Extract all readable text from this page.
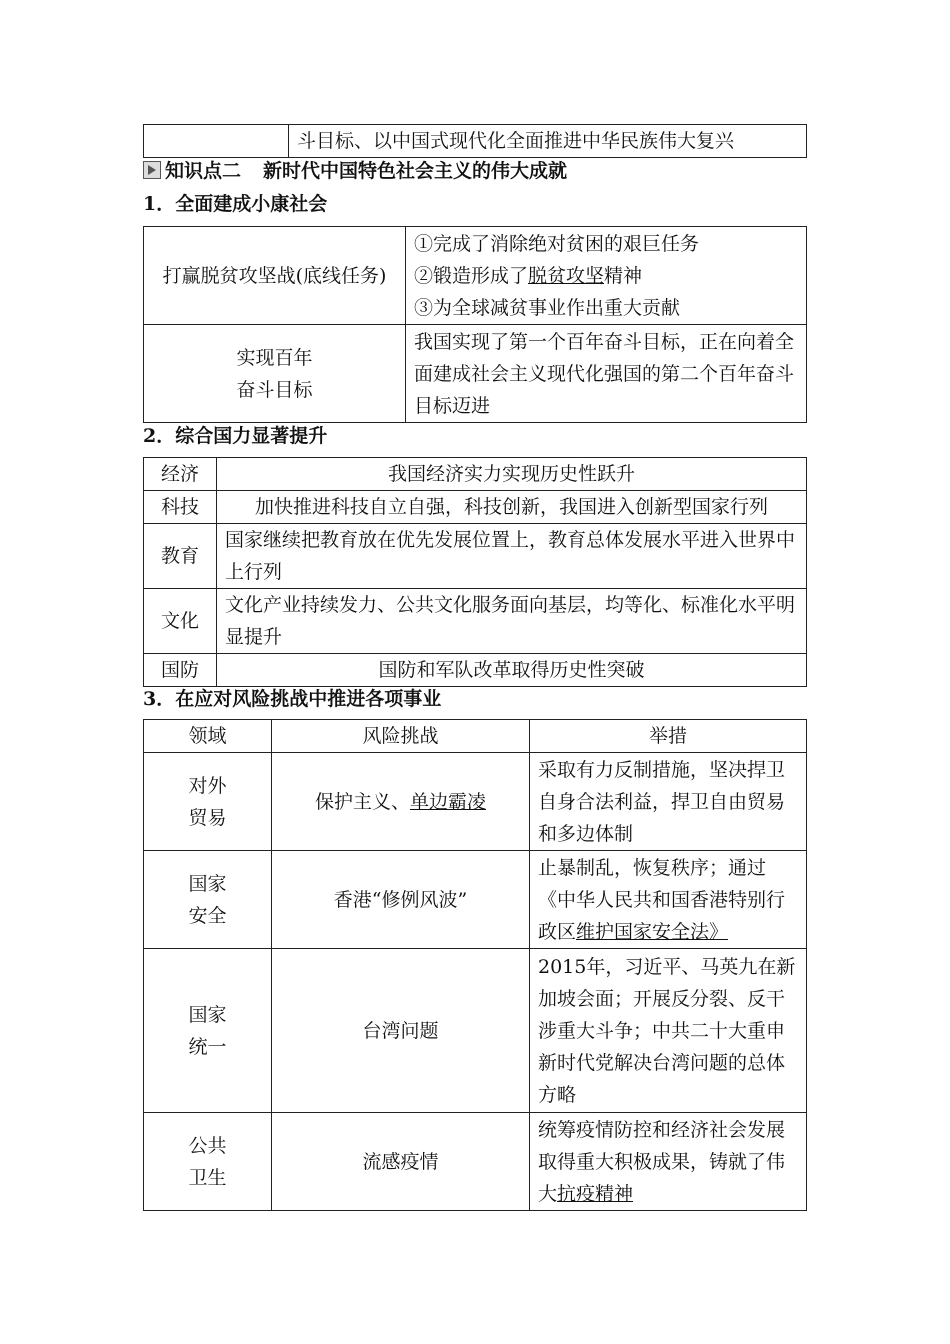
	斗目标、以中国式现代化全面推进中华民族伟大复兴
知识点二 新时代中国特色社会主义的伟大成就
1．全面建成小康社会
打赢脱贫攻坚战(底线任务)	①完成了消除绝对贫困的艰巨任务
②锻造形成了脱贫攻坚精神
③为全球减贫事业作出重大贡献

实现百年
奋斗目标	我国实现了第一个百年奋斗目标，正在向着全面建成社会主义现代化强国的第二个百年奋斗目标迈进
2．综合国力显著提升
经济	我国经济实力实现历史性跃升
科技	加快推进科技自立自强，科技创新，我国进入创新型国家行列
教育	国家继续把教育放在优先发展位置上，教育总体发展水平进入世界中上行列
文化	文化产业持续发力、公共文化服务面向基层，均等化、标准化水平明显提升
国防	国防和军队改革取得历史性突破
3．在应对风险挑战中推进各项事业
领域	风险挑战	举措

对外
贸易	保护主义、单边霸凌	采取有力反制措施，坚决捍卫自身合法利益，捍卫自由贸易和多边体制

国家
安全	香港“修例风波”	止暴制乱，恢复秩序；通过《中华人民共和国香港特别行政区维护国家安全法》

国家
统一	台湾问题	2015年，习近平、马英九在新加坡会面；开展反分裂、反干涉重大斗争；中共二十大重申新时代党解决台湾问题的总体方略

公共
卫生	流感疫情	统筹疫情防控和经济社会发展取得重大积极成果，铸就了伟大抗疫精神
